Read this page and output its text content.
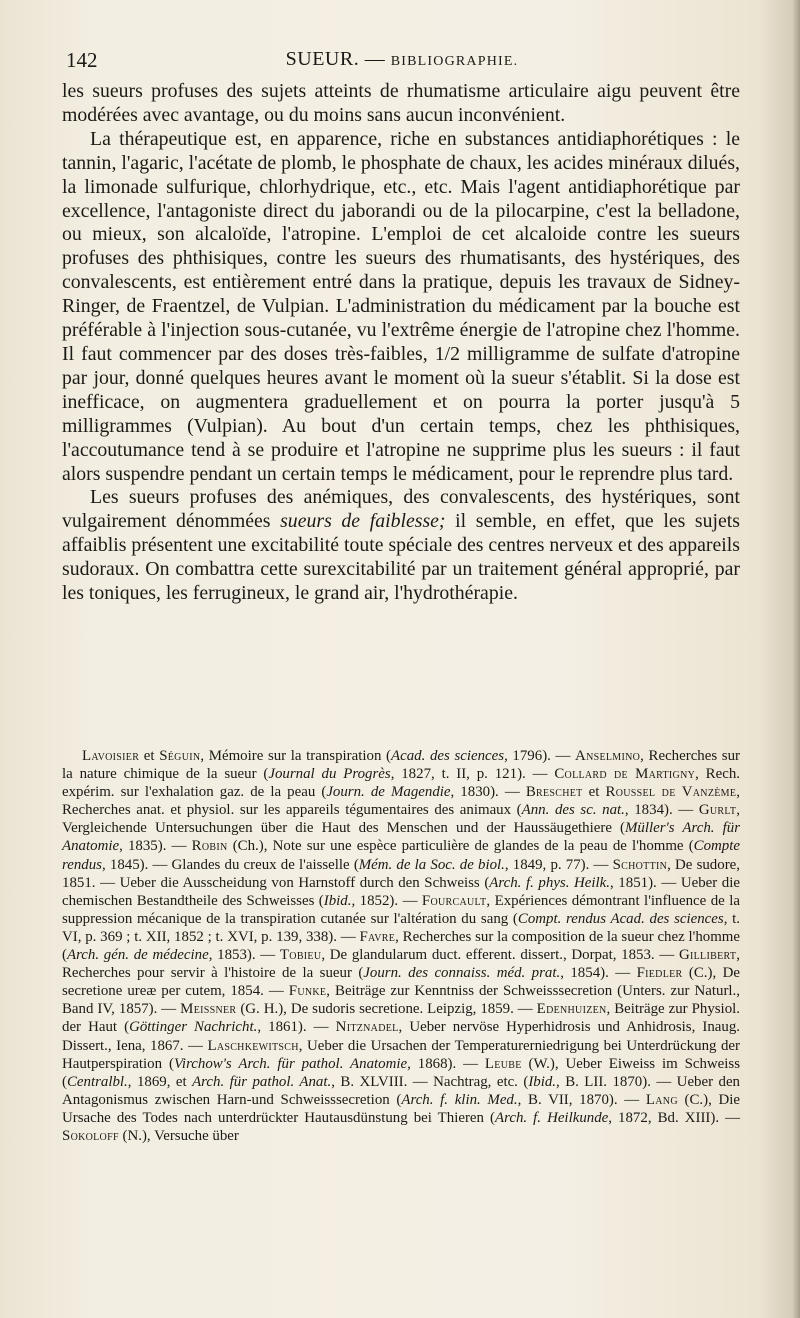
142	SUEUR. — BIBLIOGRAPHIE.

les sueurs profuses des sujets atteints de rhumatisme articulaire aigu peuvent être modérées avec avantage, ou du moins sans aucun inconvénient.

La thérapeutique est, en apparence, riche en substances antidiaphorétiques : le tannin, l'agaric, l'acétate de plomb, le phosphate de chaux, les acides minéraux dilués, la limonade sulfurique, chlorhydrique, etc., etc. Mais l'agent antidiaphorétique par excellence, l'antagoniste direct du jaborandi ou de la pilocarpine, c'est la belladone, ou mieux, son alcaloïde, l'atropine. L'emploi de cet alcaloide contre les sueurs profuses des phthisiques, contre les sueurs des rhumatisants, des hystériques, des convalescents, est entièrement entré dans la pratique, depuis les travaux de Sidney-Ringer, de Fraentzel, de Vulpian. L'administration du médicament par la bouche est préférable à l'injection sous-cutanée, vu l'extrême énergie de l'atropine chez l'homme. Il faut commencer par des doses très-faibles, 1/2 milligramme de sulfate d'atropine par jour, donné quelques heures avant le moment où la sueur s'établit. Si la dose est inefficace, on augmentera graduellement et on pourra la porter jusqu'à 5 milligrammes (Vulpian). Au bout d'un certain temps, chez les phthisiques, l'accoutumance tend à se produire et l'atropine ne supprime plus les sueurs : il faut alors suspendre pendant un certain temps le médicament, pour le reprendre plus tard.

Les sueurs profuses des anémiques, des convalescents, des hystériques, sont vulgairement dénommées sueurs de faiblesse; il semble, en effet, que les sujets affaiblis présentent une excitabilité toute spéciale des centres nerveux et des appareils sudoraux. On combattra cette surexcitabilité par un traitement général approprié, par les toniques, les ferrugineux, le grand air, l'hydrothérapie.

Lavoisier et Séguin, Mémoire sur la transpiration (Acad. des sciences, 1796). — Anselmino, Recherches sur la nature chimique de la sueur (Journal du Progrès, 1827, t. II, p. 121). — Collard de Martigny, Rech. expérim. sur l'exhalation gaz. de la peau (Journ. de Magendie, 1830). — Breschet et Roussel de Vanzème, Recherches anat. et physiol. sur les appareils tégumentaires des animaux (Ann. des sc. nat., 1834). — Gurlt, Vergleichende Untersuchungen über die Haut des Menschen und der Haussäugethiere (Müller's Arch. für Anatomie, 1835). — Robin (Ch.), Note sur une espèce particulière de glandes de la peau de l'homme (Compte rendus, 1845). — Glandes du creux de l'aisselle (Mém. de la Soc. de biol., 1849, p. 77). — Schottin, De sudore, 1851. — Ueber die Ausscheidung von Harnstoff durch den Schweiss (Arch. f. phys. Heilk., 1851). — Ueber die chemischen Bestandtheile des Schweisses (Ibid., 1852). — Fourcault, Expériences démontrant l'influence de la suppression mécanique de la transpiration cutanée sur l'altération du sang (Compt. rendus Acad. des sciences, t. VI, p. 369 ; t. XII, 1852 ; t. XVI, p. 139, 338). — Favre, Recherches sur la composition de la sueur chez l'homme (Arch. gén. de médecine, 1853). — Tobieu, De glandularum duct. efferent. dissert., Dorpat, 1853. — Gillibert, Recherches pour servir à l'histoire de la sueur (Journ. des connaiss. méd. prat., 1854). — Fiedler (C.), De secretione ureæ per cutem, 1854. — Funke, Beiträge zur Kenntniss der Schweisssecretion (Unters. zur Naturl., Band IV, 1857). — Meissner (G. H.), De sudoris secretione. Leipzig, 1859. — Edenhuizen, Beiträge zur Physiol. der Haut (Göttinger Nachricht., 1861). — Nitznadel, Ueber nervöse Hyperhidrosis und Anhidrosis, Inaug. Dissert., Iena, 1867. — Laschkewitsch, Ueber die Ursachen der Temperaturerniedrigung bei Unterdrückung der Hautperspiration (Virchow's Arch. für pathol. Anatomie, 1868). — Leube (W.), Ueber Eiweiss im Schweiss (Centralbl., 1869, et Arch. für pathol. Anat., B. XLVIII. — Nachtrag, etc. (Ibid., B. LII. 1870). — Ueber den Antagonismus zwischen Harn-und Schweisssecretion (Arch. f. klin. Med., B. VII, 1870). — Lang (C.), Die Ursache des Todes nach unterdrückter Hautausdünstung bei Thieren (Arch. f. Heilkunde, 1872, Bd. XIII). — Sokoloff (N.), Versuche über
